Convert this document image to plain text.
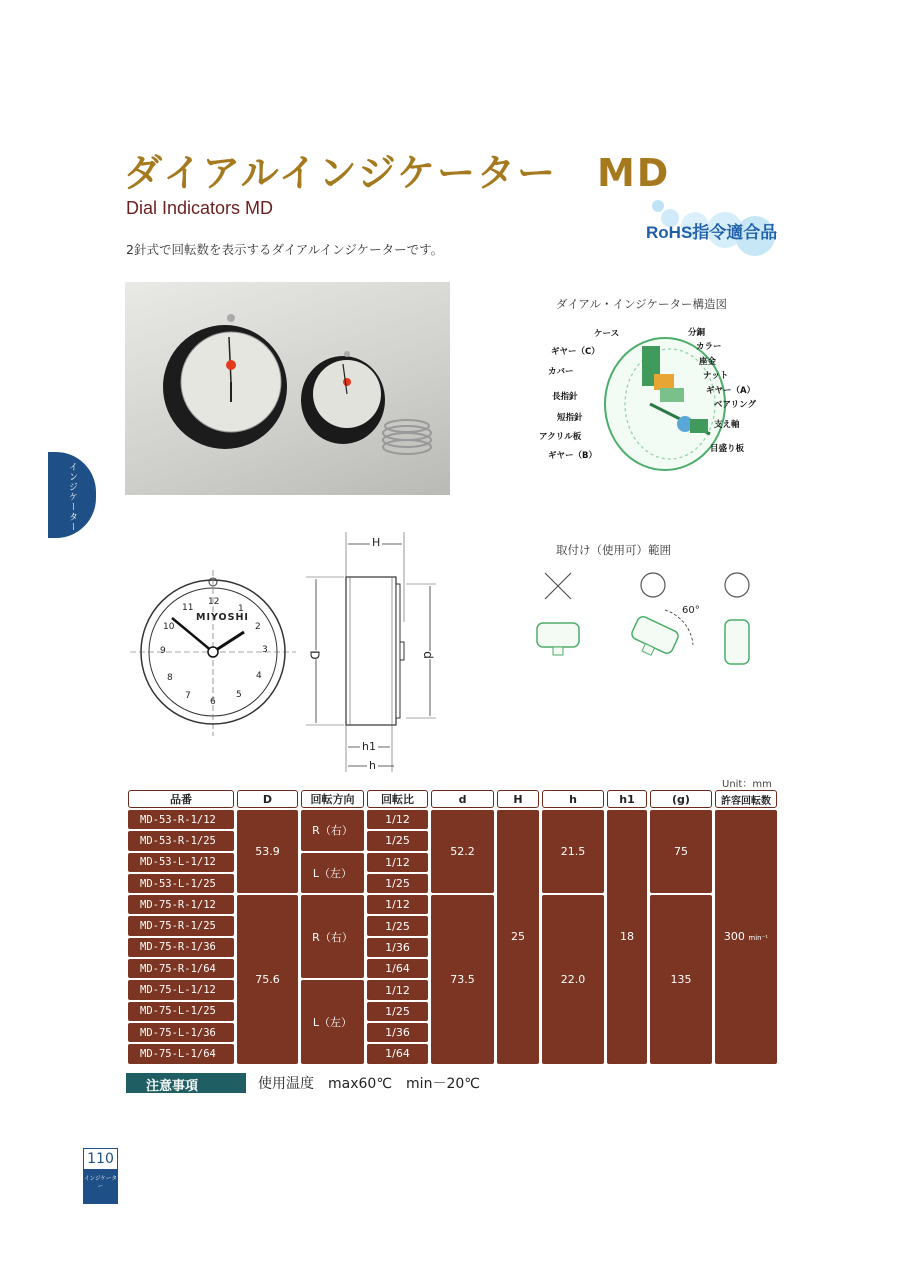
ダイアルインジケーター　MD
Dial Indicators MD
2針式で回転数を表示するダイアルインジケーターです。
RoHS指令適合品
インジケーター
ダイアル・インジケーター構造図
ケース
ギヤー（C）
カバー
長指針
短指針
アクリル板
ギヤー（B）
分銅
カラー
座金
ナット
ギヤー（A）
ベアリング
支え軸
目盛り板
MIYOSHI
12
1
2
3
4
5
6
7
8
9
10
11
H
D	d
h1
h
取付け（使用可）範囲
60°
Unit：mm
品番	D	回転方向	回転比	d	H	h	h1	(g)	許容回転数
MD-53-R-1/12	53.9	R（右）	1/12	52.2	25	21.5	18	75	300 min⁻¹
MD-53-R-1/25			1/25						
MD-53-L-1/12		L（左）	1/12						
MD-53-L-1/25			1/25						
MD-75-R-1/12	75.6	R（右）	1/12	73.5		22.0		135	
MD-75-R-1/25			1/25						
MD-75-R-1/36			1/36						
MD-75-R-1/64			1/64						
MD-75-L-1/12		L（左）	1/12						
MD-75-L-1/25			1/25						
MD-75-L-1/36			1/36						
MD-75-L-1/64			1/64						
注意事項	使用温度　max60℃　min－20℃
110
インジケーター
